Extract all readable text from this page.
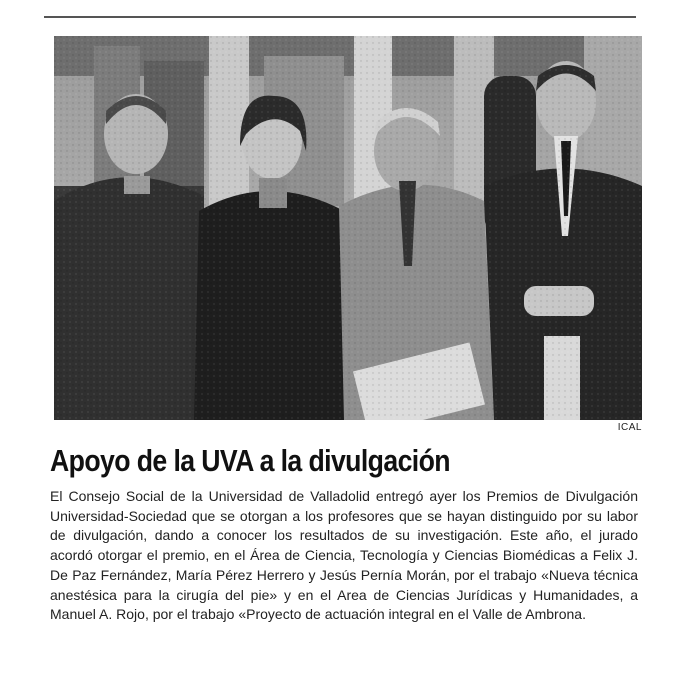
ICAL
Apoyo de la UVA a la divulgación
El Consejo Social de la Universidad de Valladolid entregó ayer los Premios de Divulgación
Universidad-Sociedad que se otorgan a los profesores que se hayan distinguido por su labor
de divulgación, dando a conocer los resultados de su investigación. Este año, el jurado
acordó otorgar el premio, en el Área de Ciencia, Tecnología y Ciencias Biomédicas a Felix J.
De Paz Fernández, María Pérez Herrero y Jesús Pernía Morán, por el trabajo «Nueva técnica
anestésica para la cirugía del pie» y en el Area de Ciencias Jurídicas y Humanidades, a
Manuel A. Rojo, por el trabajo «Proyecto de actuación integral en el Valle de Ambrona.
